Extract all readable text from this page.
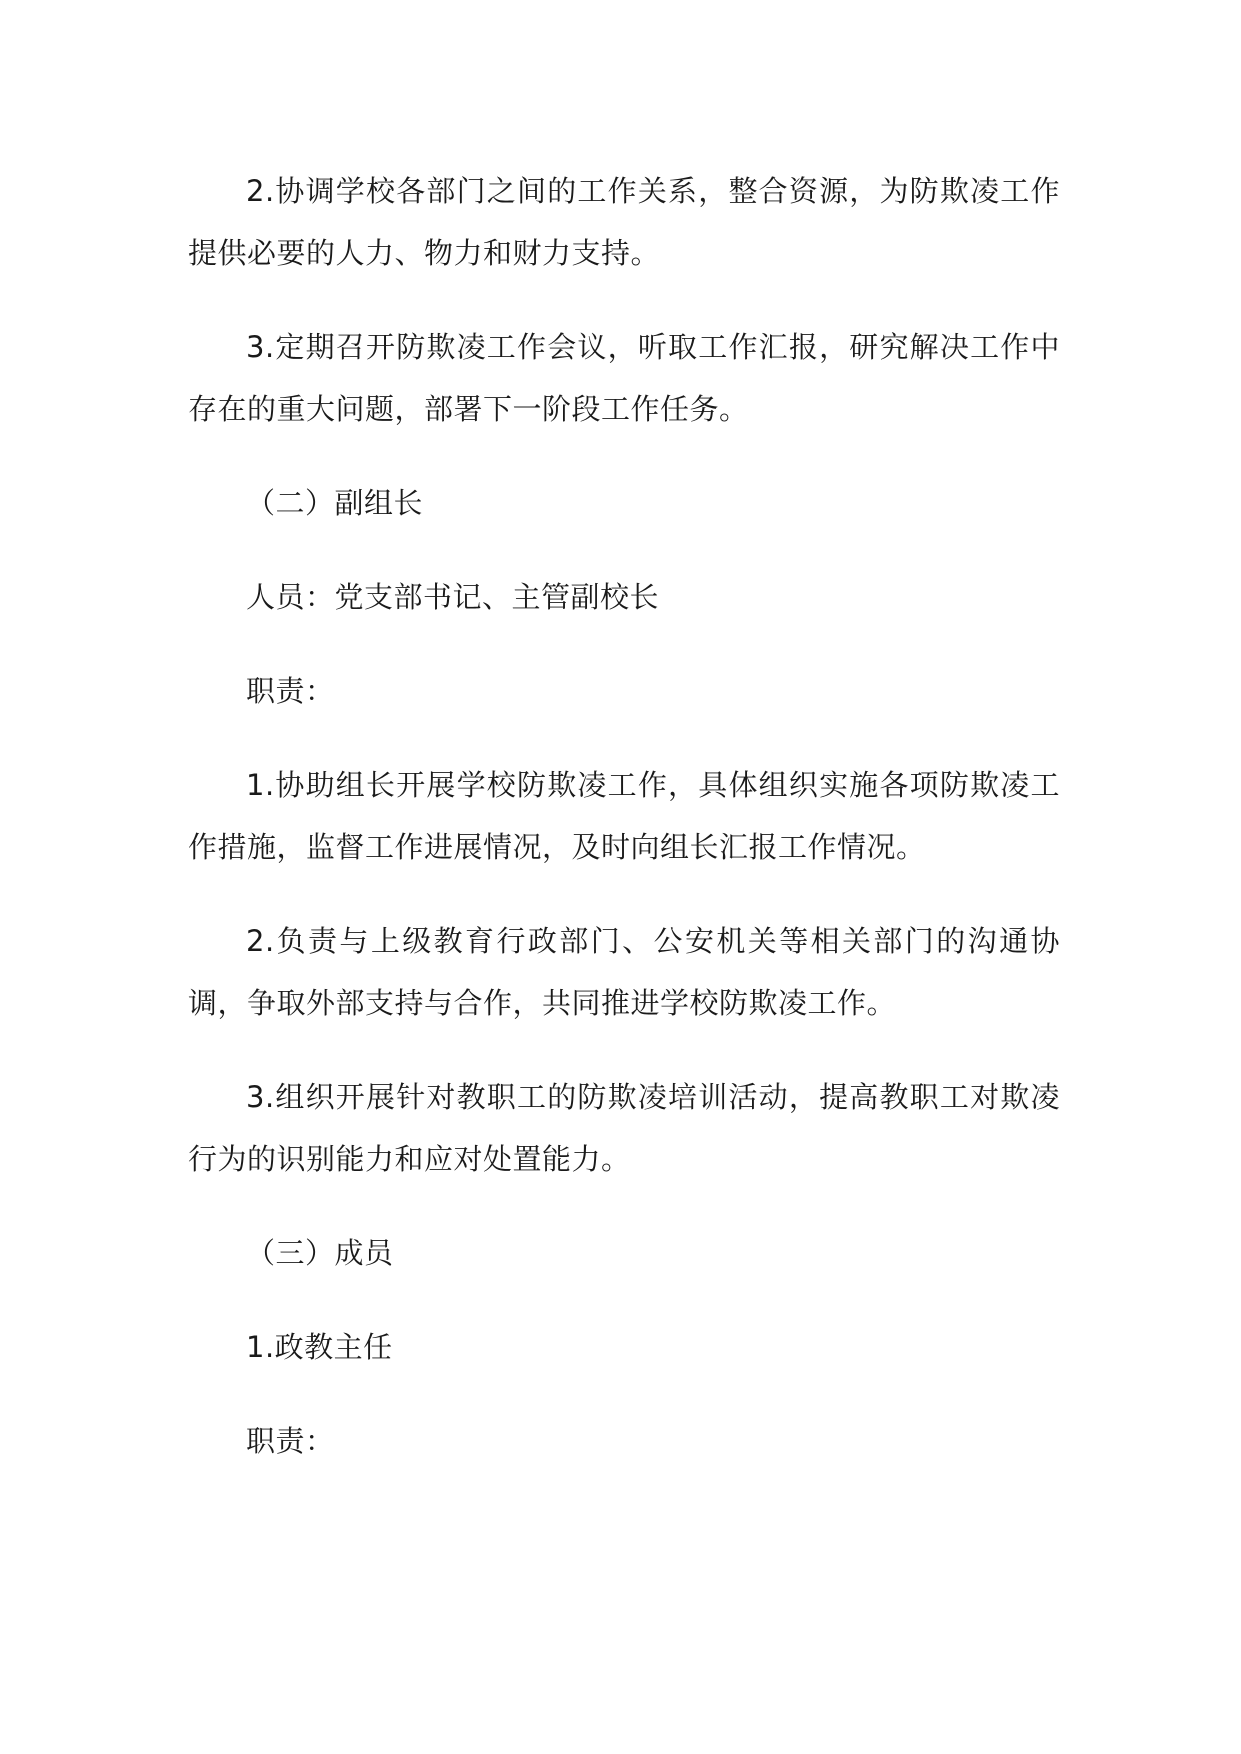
2.协调学校各部门之间的工作关系，整合资源，为防欺凌工作提供必要的人力、物力和财力支持。

3.定期召开防欺凌工作会议，听取工作汇报，研究解决工作中存在的重大问题，部署下一阶段工作任务。

（二）副组长

人员：党支部书记、主管副校长

职责：

1.协助组长开展学校防欺凌工作，具体组织实施各项防欺凌工作措施，监督工作进展情况，及时向组长汇报工作情况。

2.负责与上级教育行政部门、公安机关等相关部门的沟通协调，争取外部支持与合作，共同推进学校防欺凌工作。

3.组织开展针对教职工的防欺凌培训活动，提高教职工对欺凌行为的识别能力和应对处置能力。

（三）成员

1.政教主任

职责：
